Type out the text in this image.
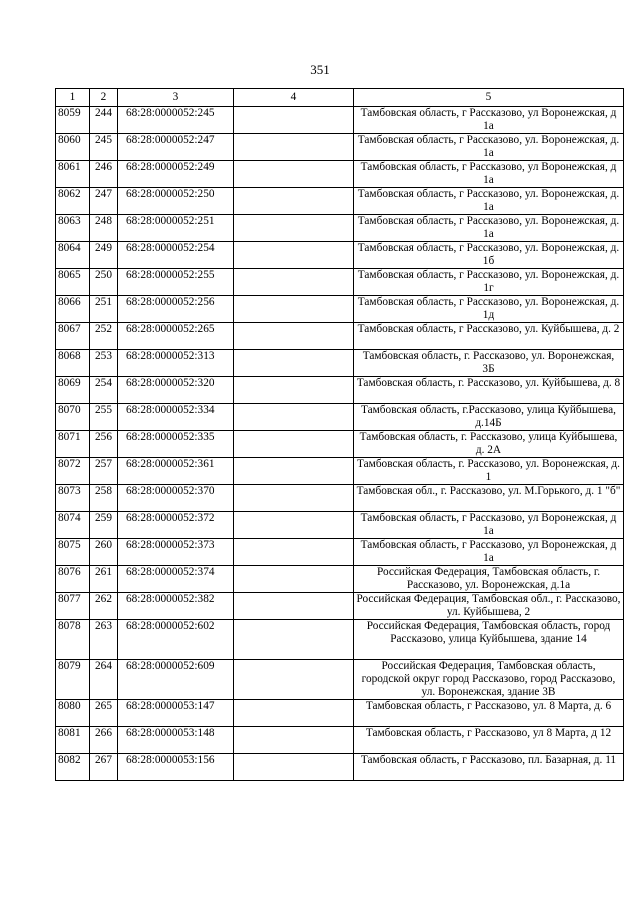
351
1	2	3	4	5
8059	244	68:28:0000052:245		Тамбовская область, г Рассказово, ул Воронежская, д 1а
8060	245	68:28:0000052:247		Тамбовская область, г Рассказово, ул. Воронежская, д. 1а
8061	246	68:28:0000052:249		Тамбовская область, г Рассказово, ул Воронежская, д 1а
8062	247	68:28:0000052:250		Тамбовская область, г Рассказово, ул. Воронежская, д. 1а
8063	248	68:28:0000052:251		Тамбовская область, г Рассказово, ул. Воронежская, д. 1а
8064	249	68:28:0000052:254		Тамбовская область, г Рассказово, ул. Воронежская, д. 1б
8065	250	68:28:0000052:255		Тамбовская область, г Рассказово, ул. Воронежская, д. 1г
8066	251	68:28:0000052:256		Тамбовская область, г Рассказово, ул. Воронежская, д. 1д
8067	252	68:28:0000052:265		Тамбовская область, г Рассказово, ул. Куйбышева, д. 2
8068	253	68:28:0000052:313		Тамбовская область, г. Рассказово, ул. Воронежская, 3Б
8069	254	68:28:0000052:320		Тамбовская область, г. Рассказово, ул. Куйбышева, д. 8
8070	255	68:28:0000052:334		Тамбовская область, г.Рассказово, улица Куйбышева, д.14Б
8071	256	68:28:0000052:335		Тамбовская область, г. Рассказово, улица Куйбышева, д. 2А
8072	257	68:28:0000052:361		Тамбовская область, г. Рассказово, ул. Воронежская, д. 1
8073	258	68:28:0000052:370		Тамбовская обл., г. Рассказово, ул. М.Горького, д. 1 "б"
8074	259	68:28:0000052:372		Тамбовская область, г Рассказово, ул Воронежская, д 1а
8075	260	68:28:0000052:373		Тамбовская область, г Рассказово, ул Воронежская, д 1а
8076	261	68:28:0000052:374		Российская Федерация, Тамбовская область, г. Рассказово, ул. Воронежская, д.1а
8077	262	68:28:0000052:382		Российская Федерация, Тамбовская обл., г. Рассказово, ул. Куйбышева, 2
8078	263	68:28:0000052:602		Российская Федерация, Тамбовская область, город Рассказово, улица Куйбышева, здание 14
8079	264	68:28:0000052:609		Российская Федерация, Тамбовская область, городской округ город Рассказово, город Рассказово, ул. Воронежская, здание 3В
8080	265	68:28:0000053:147		Тамбовская область, г Рассказово, ул. 8 Марта, д. 6
8081	266	68:28:0000053:148		Тамбовская область, г Рассказово, ул 8 Марта, д 12
8082	267	68:28:0000053:156		Тамбовская область, г Рассказово, пл. Базарная, д. 11
